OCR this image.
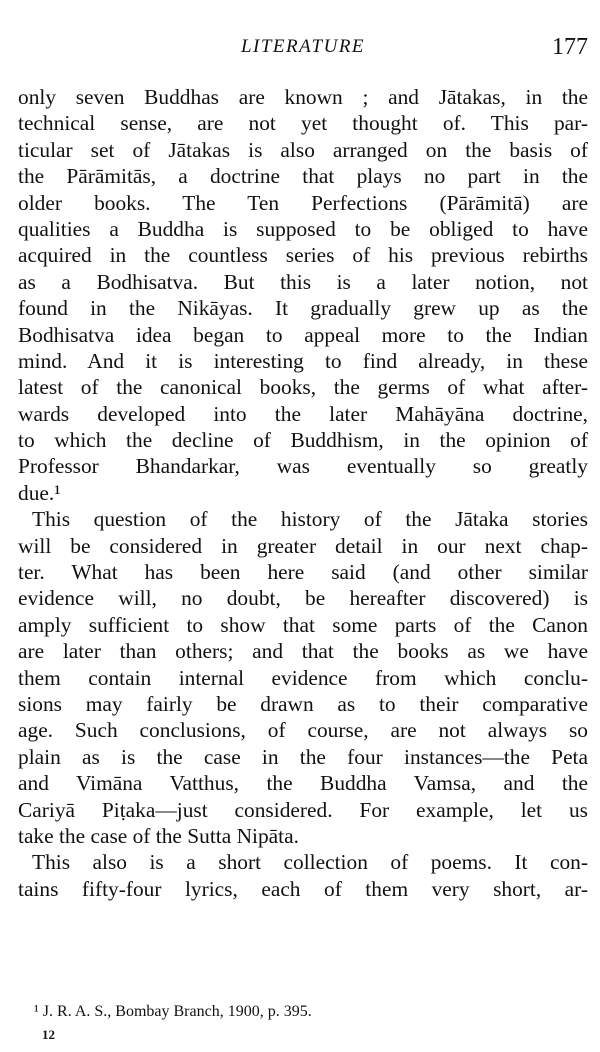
LITERATURE	177
only seven Buddhas are known ; and Jātakas, in the
technical sense, are not yet thought of. This par-
ticular set of Jātakas is also arranged on the basis of
the Pārāmitās, a doctrine that plays no part in the
older books. The Ten Perfections (Pārāmitā) are
qualities a Buddha is supposed to be obliged to have
acquired in the countless series of his previous rebirths
as a Bodhisatva. But this is a later notion, not
found in the Nikāyas. It gradually grew up as the
Bodhisatva idea began to appeal more to the Indian
mind. And it is interesting to find already, in these
latest of the canonical books, the germs of what after-
wards developed into the later Mahāyāna doctrine,
to which the decline of Buddhism, in the opinion of
Professor Bhandarkar, was eventually so greatly
due.¹
This question of the history of the Jātaka stories
will be considered in greater detail in our next chap-
ter. What has been here said (and other similar
evidence will, no doubt, be hereafter discovered) is
amply sufficient to show that some parts of the Canon
are later than others; and that the books as we have
them contain internal evidence from which conclu-
sions may fairly be drawn as to their comparative
age. Such conclusions, of course, are not always so
plain as is the case in the four instances—the Peta
and Vimāna Vatthus, the Buddha Vamsa, and the
Cariyā Piṭaka—just considered. For example, let us
take the case of the Sutta Nipāta.
This also is a short collection of poems. It con-
tains fifty-four lyrics, each of them very short, ar-
¹ J. R. A. S., Bombay Branch, 1900, p. 395.
12
